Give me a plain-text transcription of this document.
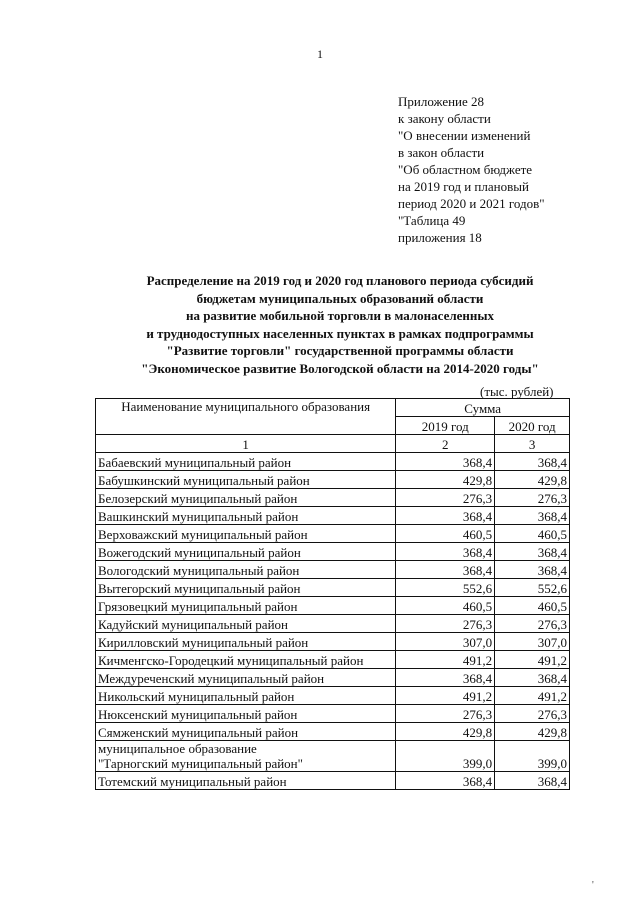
1
Приложение 28
к закону области
"О внесении изменений
в закон области
"Об областном бюджете
на 2019 год и плановый
период 2020 и 2021 годов"
"Таблица 49
приложения 18
Распределение на 2019 год и 2020 год планового периода субсидий
бюджетам муниципальных образований области
на развитие мобильной торговли в малонаселенных
и труднодоступных населенных пунктах в рамках подпрограммы
"Развитие торговли" государственной программы области
"Экономическое развитие Вологодской области на 2014-2020 годы"
(тыс. рублей)
Наименование муниципального образования	Сумма	
	2019 год	2020 год
1	2	3
Бабаевский муниципальный район	368,4	368,4
Бабушкинский муниципальный район	429,8	429,8
Белозерский муниципальный район	276,3	276,3
Вашкинский муниципальный район	368,4	368,4
Верховажский муниципальный район	460,5	460,5
Вожегодский муниципальный район	368,4	368,4
Вологодский муниципальный район	368,4	368,4
Вытегорский муниципальный район	552,6	552,6
Грязовецкий муниципальный район	460,5	460,5
Кадуйский муниципальный район	276,3	276,3
Кирилловский муниципальный район	307,0	307,0
Кичменгско-Городецкий муниципальный район	491,2	491,2
Междуреченский муниципальный район	368,4	368,4
Никольский муниципальный район	491,2	491,2
Нюксенский муниципальный район	276,3	276,3
Сямженский муниципальный район	429,8	429,8

муниципальное образование
"Тарногский муниципальный район"	399,0	399,0
Тотемский муниципальный район	368,4	368,4
'
